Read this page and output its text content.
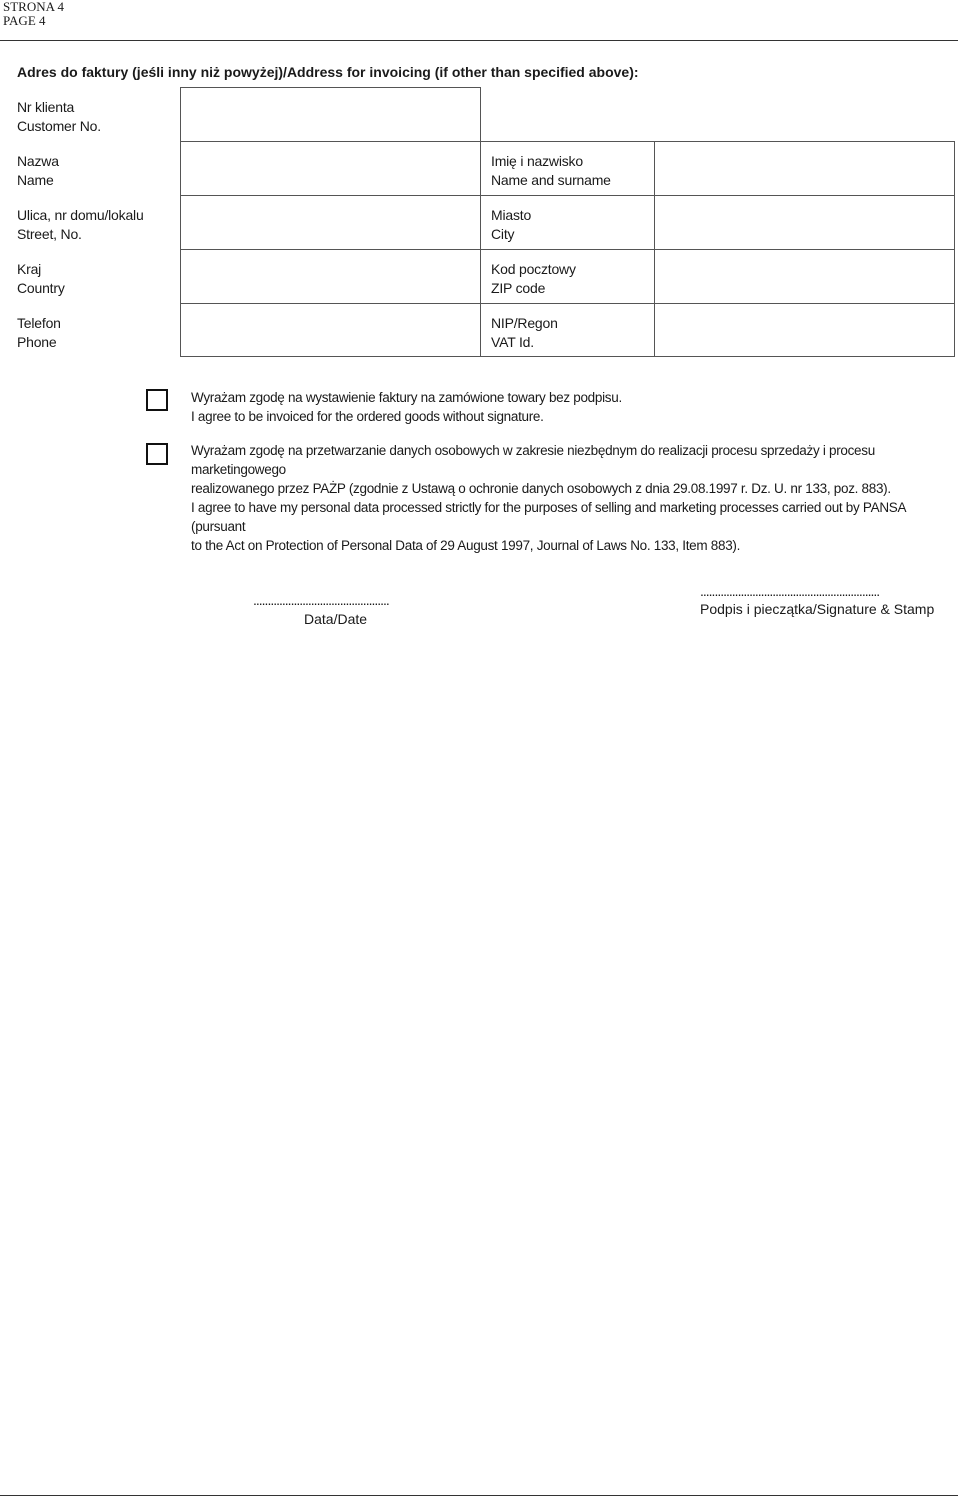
STRONA 4
PAGE 4
Adres do faktury (jeśli inny niż powyżej)/Address for invoicing (if other than specified above):
Nr klienta
Customer No.
Nazwa
Name
Ulica, nr domu/lokalu
Street, No.
Kraj
Country
Telefon
Phone
Imię i nazwisko
Name and surname
Miasto
City
Kod pocztowy
ZIP code
NIP/Regon
VAT Id.
Wyrażam zgodę na wystawienie faktury na zamówione towary bez podpisu.
I agree to be invoiced for the ordered goods without signature.
Wyrażam zgodę na przetwarzanie danych osobowych w zakresie niezbędnym do realizacji procesu sprzedaży i procesu marketingowego
realizowanego przez PAŻP (zgodnie z Ustawą o ochronie danych osobowych z dnia 29.08.1997 r. Dz. U. nr 133, poz. 883).
I agree to have my personal data processed strictly for the purposes of selling and marketing processes carried out by PANSA (pursuant
to the Act on Protection of Personal Data of 29 August 1997, Journal of Laws No. 133, Item 883).
...............................................
Data/Date
..............................................................
Podpis i pieczątka/Signature & Stamp
